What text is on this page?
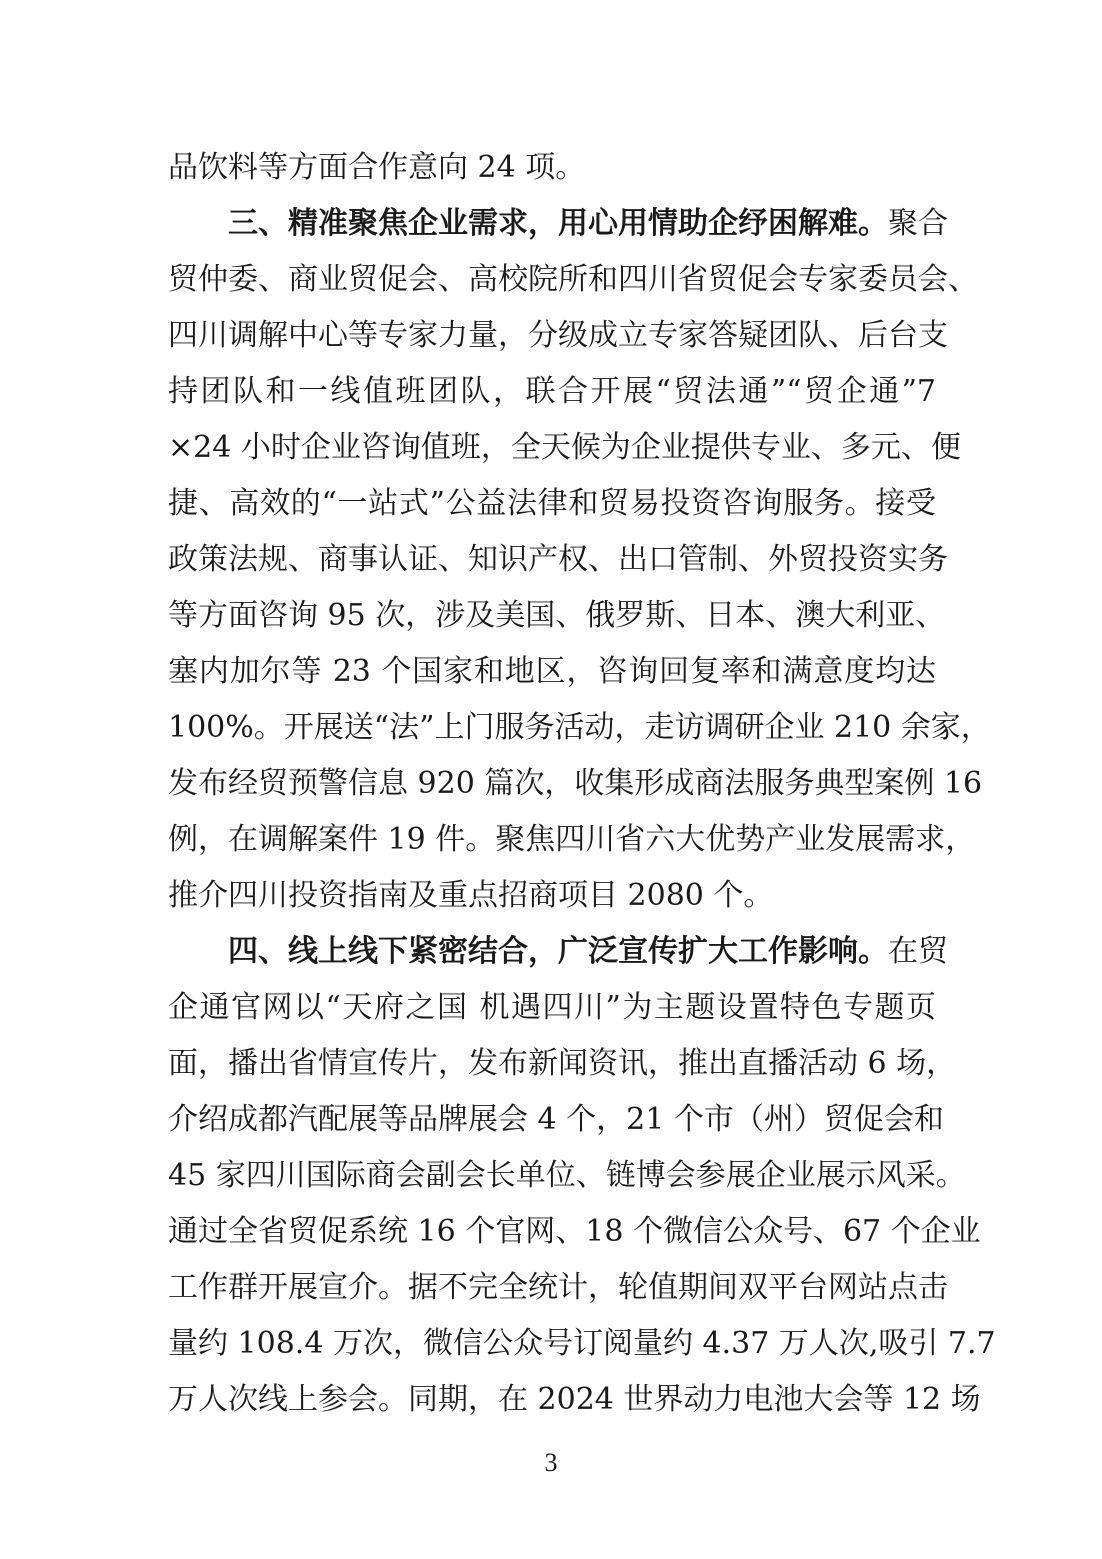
品饮料等方面合作意向 24 项。
三、精准聚焦企业需求，用心用情助企纾困解难。聚合
贸仲委、商业贸促会、高校院所和四川省贸促会专家委员会、
四川调解中心等专家力量，分级成立专家答疑团队、后台支
持团队和一线值班团队，联合开展“贸法通”“贸企通”7
×24 小时企业咨询值班，全天候为企业提供专业、多元、便
捷、高效的“一站式”公益法律和贸易投资咨询服务。接受
政策法规、商事认证、知识产权、出口管制、外贸投资实务
等方面咨询 95 次，涉及美国、俄罗斯、日本、澳大利亚、
塞内加尔等 23 个国家和地区，咨询回复率和满意度均达
100%。开展送“法”上门服务活动，走访调研企业 210 余家，
发布经贸预警信息 920 篇次，收集形成商法服务典型案例 16
例，在调解案件 19 件。聚焦四川省六大优势产业发展需求，
推介四川投资指南及重点招商项目 2080 个。
四、线上线下紧密结合，广泛宣传扩大工作影响。在贸
企通官网以“天府之国 机遇四川”为主题设置特色专题页
面，播出省情宣传片，发布新闻资讯，推出直播活动 6 场，
介绍成都汽配展等品牌展会 4 个，21 个市（州）贸促会和
45 家四川国际商会副会长单位、链博会参展企业展示风采。
通过全省贸促系统 16 个官网、18 个微信公众号、67 个企业
工作群开展宣介。据不完全统计，轮值期间双平台网站点击
量约 108.4 万次，微信公众号订阅量约 4.37 万人次,吸引 7.7
万人次线上参会。同期，在 2024 世界动力电池大会等 12 场
3
